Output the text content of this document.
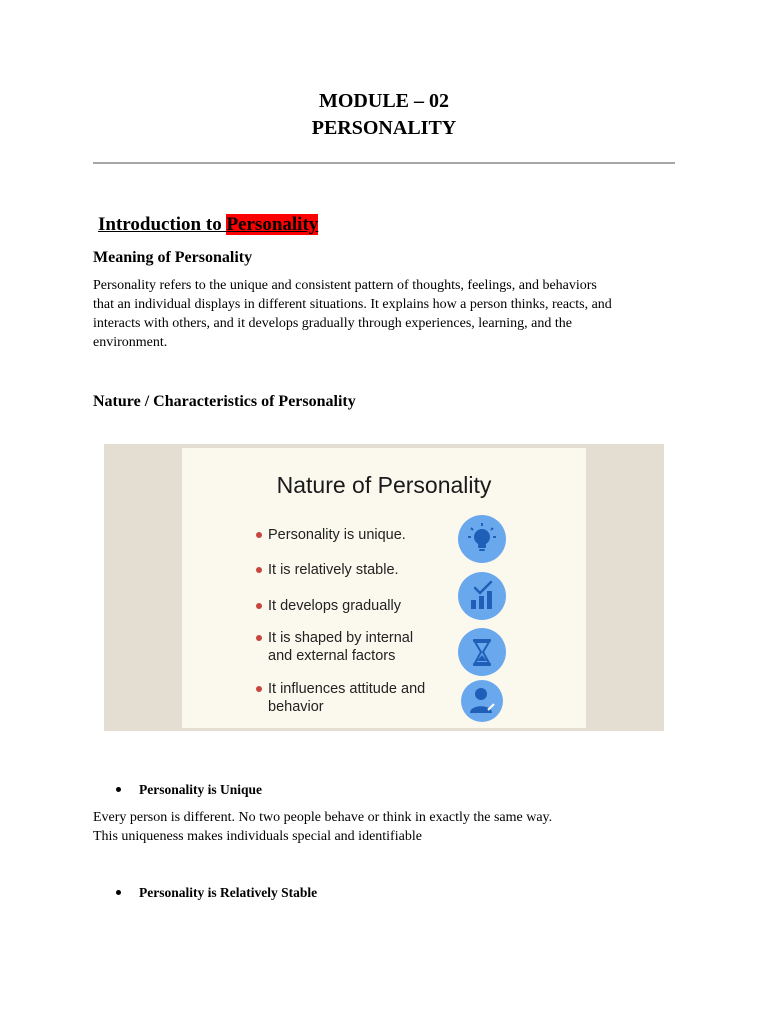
MODULE – 02
PERSONALITY
Introduction to Personality
Meaning of Personality
Personality refers to the unique and consistent pattern of thoughts, feelings, and behaviors
that an individual displays in different situations. It explains how a person thinks, reacts, and
interacts with others, and it develops gradually through experiences, learning, and the
environment.
Nature / Characteristics of Personality
Nature of Personality
Personality is unique.
It is relatively stable.
It develops gradually
It is shaped by internal
and external factors
It influences attitude and
behavior
Personality is Unique
Every person is different. No two people behave or think in exactly the same way.
This uniqueness makes individuals special and identifiable
Personality is Relatively Stable
